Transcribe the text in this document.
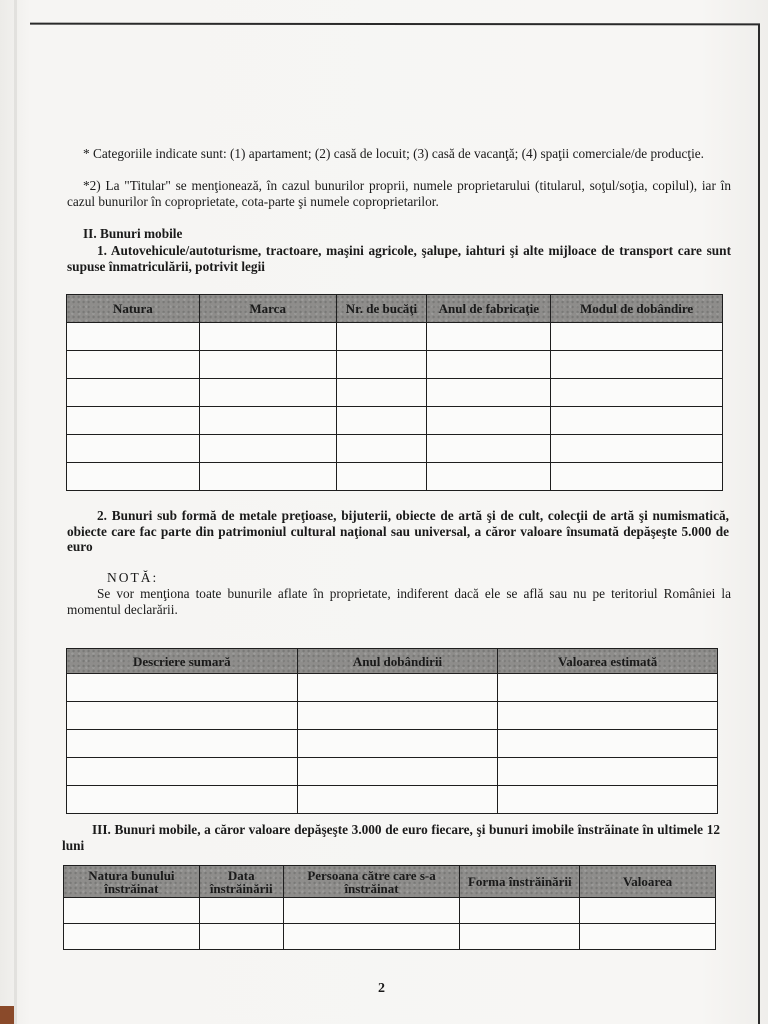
* Categoriile indicate sunt: (1) apartament; (2) casă de locuit; (3) casă de vacanţă; (4) spaţii comerciale/de producţie.
*2) La "Titular" se menţionează, în cazul bunurilor proprii, numele proprietarului (titularul, soţul/soţia, copilul), iar în cazul bunurilor în coproprietate, cota-parte şi numele coproprietarilor.
II. Bunuri mobile
1. Autovehicule/autoturisme, tractoare, maşini agricole, şalupe, iahturi şi alte mijloace de transport care sunt supuse înmatriculării, potrivit legii
Natura	Marca	Nr. de bucăţi	Anul de fabricaţie	Modul de dobândire

2. Bunuri sub formă de metale preţioase, bijuterii, obiecte de artă şi de cult, colecţii de artă şi numismatică, obiecte care fac parte din patrimoniul cultural naţional sau universal, a căror valoare însumată depăşeşte 5.000 de euro
NOTĂ:
Se vor menţiona toate bunurile aflate în proprietate, indiferent dacă ele se află sau nu pe teritoriul României la momentul declarării.
Descriere sumară	Anul dobândirii	Valoarea estimată

III. Bunuri mobile, a căror valoare depăşeşte 3.000 de euro fiecare, şi bunuri imobile înstrăinate în ultimele 12 luni
Natura bunului înstrăinat	Data înstrăinării	Persoana către care s-a înstrăinat	Forma înstrăinării	Valoarea

2
